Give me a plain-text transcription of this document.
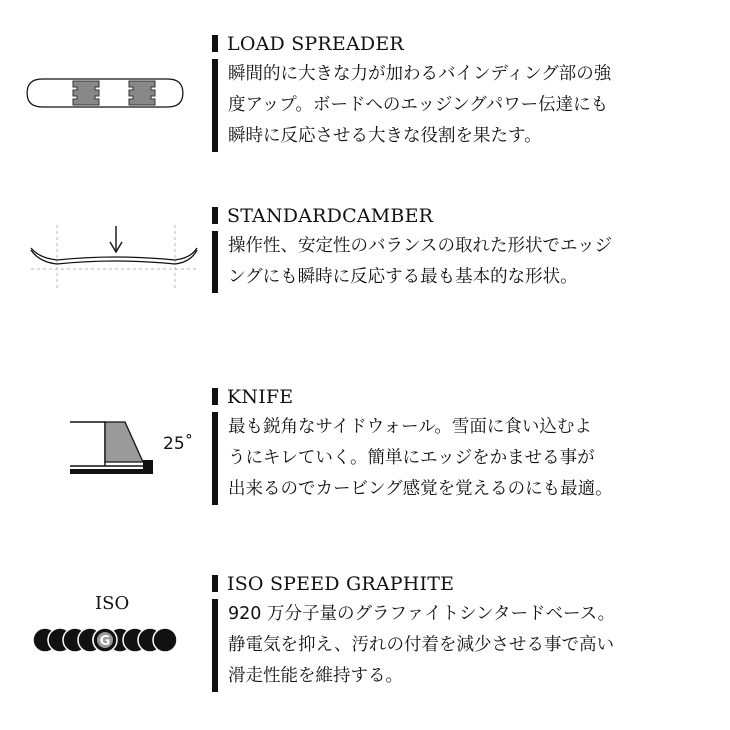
LOAD SPREADER
瞬間的に大きな力が加わるバインディング部の強
度アップ。ボードへのエッジングパワー伝達にも
瞬時に反応させる大きな役割を果たす。
STANDARDCAMBER
操作性、安定性のバランスの取れた形状でエッジ
ングにも瞬時に反応する最も基本的な形状。
25˚
KNIFE
最も鋭角なサイドウォール。雪面に食い込むよ
うにキレていく。簡単にエッジをかませる事が
出来るのでカービング感覚を覚えるのにも最適。
ISO
G
ISO SPEED GRAPHITE
920 万分子量のグラファイトシンタードベース。
静電気を抑え、汚れの付着を減少させる事で高い
滑走性能を維持する。
